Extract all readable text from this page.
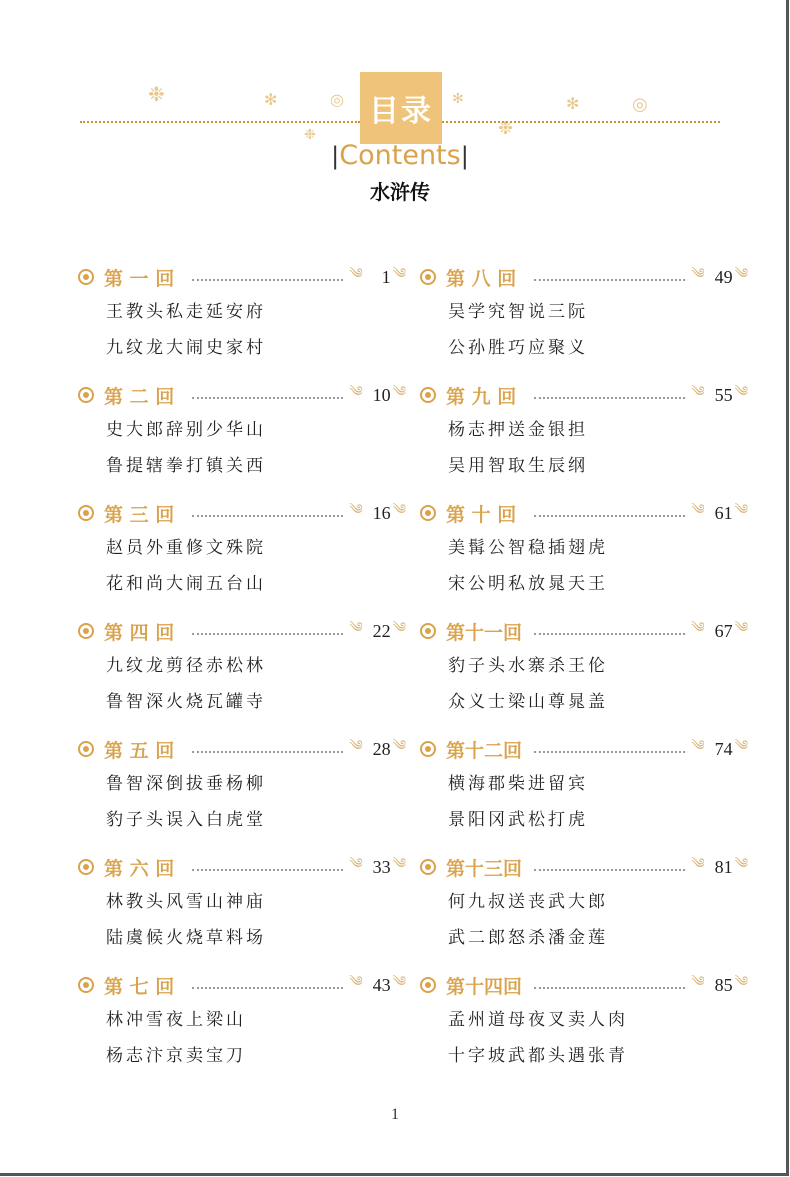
❉	✻	◎
❉
✻
❉
✻	◎
目录
|Contents|
水浒传
第 一 回	༄	1 ༄
王教头私走延安府
九纹龙大闹史家村
第 二 回	༄ 10 ༄
史大郎辞别少华山
鲁提辖拳打镇关西
第 三 回	༄ 16 ༄
赵员外重修文殊院
花和尚大闹五台山
第 四 回	༄ 22 ༄
九纹龙剪径赤松林
鲁智深火烧瓦罐寺
第 五 回	༄ 28 ༄
鲁智深倒拔垂杨柳
豹子头误入白虎堂
第 六 回	༄ 33 ༄
林教头风雪山神庙
陆虞候火烧草料场
第 七 回	༄ 43 ༄
林冲雪夜上梁山
杨志汴京卖宝刀
第 八 回	༄ 49 ༄
吴学究智说三阮
公孙胜巧应聚义
第 九 回	༄ 55 ༄
杨志押送金银担
吴用智取生辰纲
第 十 回	༄ 61 ༄
美髯公智稳插翅虎
宋公明私放晁天王
第十一回	༄ 67 ༄
豹子头水寨杀王伦
众义士梁山尊晁盖
第十二回	༄ 74 ༄
横海郡柴进留宾
景阳冈武松打虎
第十三回	༄ 81 ༄
何九叔送丧武大郎
武二郎怒杀潘金莲
第十四回	༄ 85 ༄
孟州道母夜叉卖人肉
十字坡武都头遇张青
1
